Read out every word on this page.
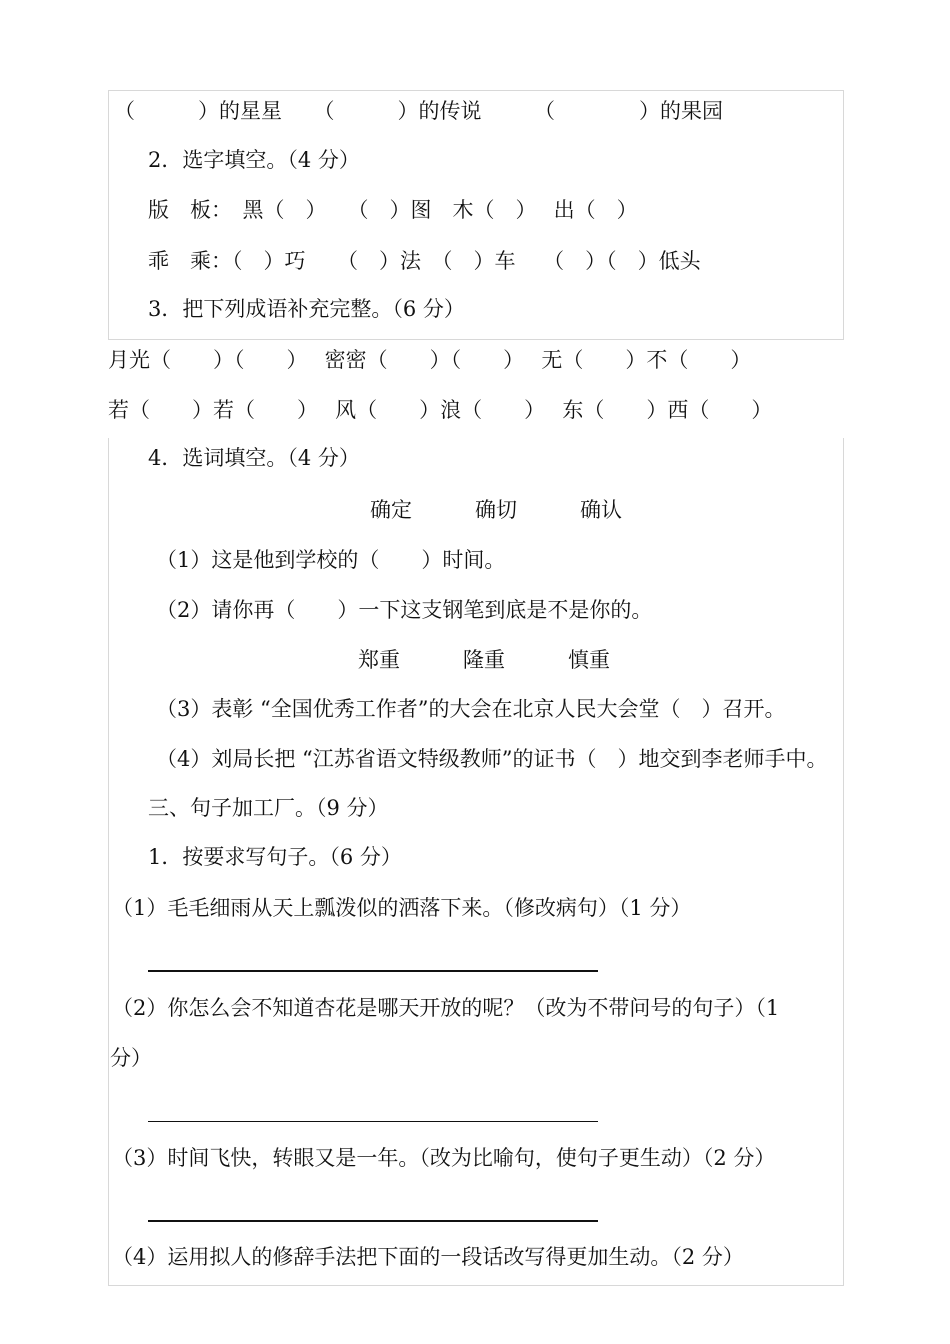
（　　　）的星星　　（　　　）的传说　　　（　　　　）的果园
2．选字填空。（4 分）
版　板：　黑（　）　　（　）图　木（　）　 出（　）
乖　乘：（　）巧　　（　）法　（　）车　 （　）（　）低头
3．把下列成语补充完整。（6 分）
月光（　　）（　　）　 密密（　　）（　　）　 无（　　）不（　　）
若（　　）若（　　）　 风（　　）浪（　　）　 东（　　）西（　　）
4．选词填空。（4 分）
确定　　　确切　　　确认
（1）这是他到学校的（　　）时间。
（2）请你再（　　）一下这支钢笔到底是不是你的。
郑重　　　隆重　　　慎重
（3）表彰 “全国优秀工作者”的大会在北京人民大会堂（　）召开。
（4）刘局长把 “江苏省语文特级教师”的证书（　）地交到李老师手中。
三、句子加工厂。（9 分）
1．按要求写句子。（6 分）
（1）毛毛细雨从天上瓢泼似的洒落下来。（修改病句）（1 分）
（2）你怎么会不知道杏花是哪天开放的呢？（改为不带问号的句子）（1
分）
（3）时间飞快，转眼又是一年。（改为比喻句，使句子更生动）（2 分）
（4）运用拟人的修辞手法把下面的一段话改写得更加生动。（2 分）
